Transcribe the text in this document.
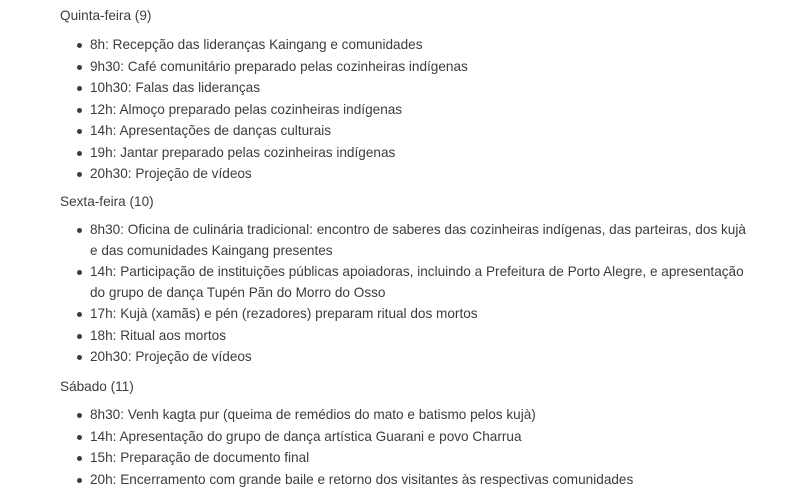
Quinta-feira (9)

8h: Recepção das lideranças Kaingang e comunidades
9h30: Café comunitário preparado pelas cozinheiras indígenas
10h30: Falas das lideranças
12h: Almoço preparado pelas cozinheiras indígenas
14h: Apresentações de danças culturais
19h: Jantar preparado pelas cozinheiras indígenas
20h30: Projeção de vídeos

Sexta-feira (10)

8h30: Oficina de culinária tradicional: encontro de saberes das cozinheiras indígenas, das parteiras, dos kujà e das comunidades Kaingang presentes
14h: Participação de instituições públicas apoiadoras, incluindo a Prefeitura de Porto Alegre, e apresentação do grupo de dança Tupén Pãn do Morro do Osso
17h: Kujà (xamãs) e pén (rezadores) preparam ritual dos mortos
18h: Ritual aos mortos
20h30: Projeção de vídeos

Sábado (11)

8h30: Venh kagta pur (queima de remédios do mato e batismo pelos kujà)
14h: Apresentação do grupo de dança artística Guarani e povo Charrua
15h: Preparação de documento final
20h: Encerramento com grande baile e retorno dos visitantes às respectivas comunidades
